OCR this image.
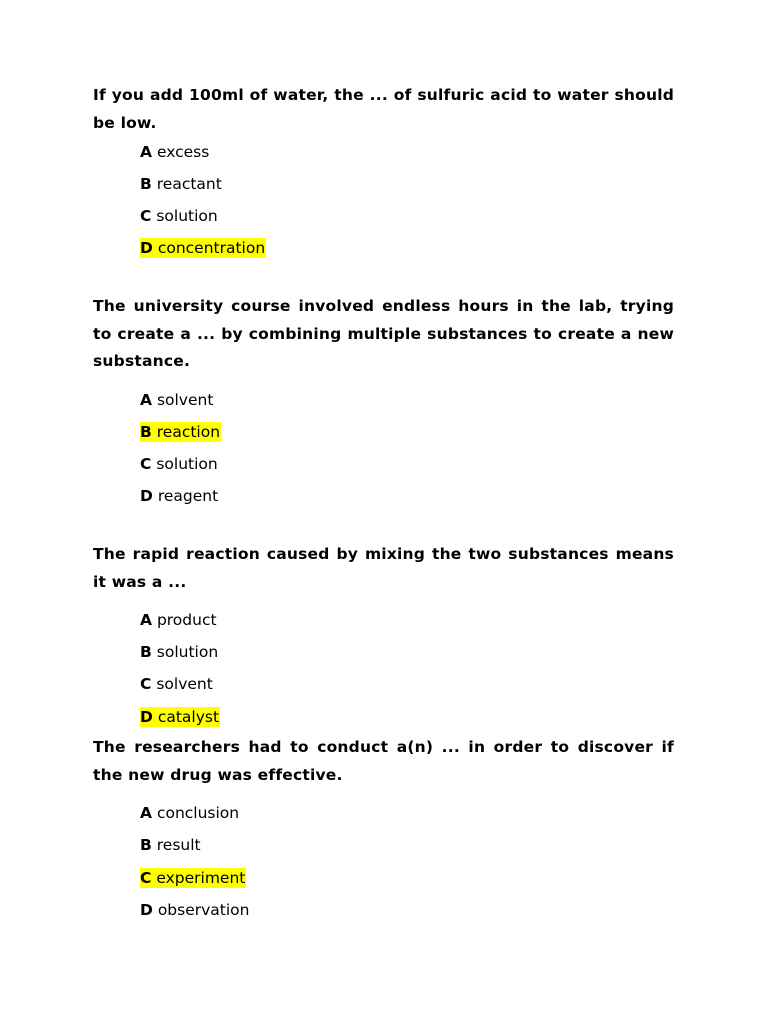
If you add 100ml of water, the ... of sulfuric acid to water should be low.

A excess
B reactant
C solution
D concentration

The university course involved endless hours in the lab, trying to create a ... by combining multiple substances to create a new substance.

A solvent
B reaction
C solution
D reagent

The rapid reaction caused by mixing the two substances means it was a ...

A product
B solution
C solvent
D catalyst

The researchers had to conduct a(n) ... in order to discover if the new drug was effective.

A conclusion
B result
C experiment
D observation
